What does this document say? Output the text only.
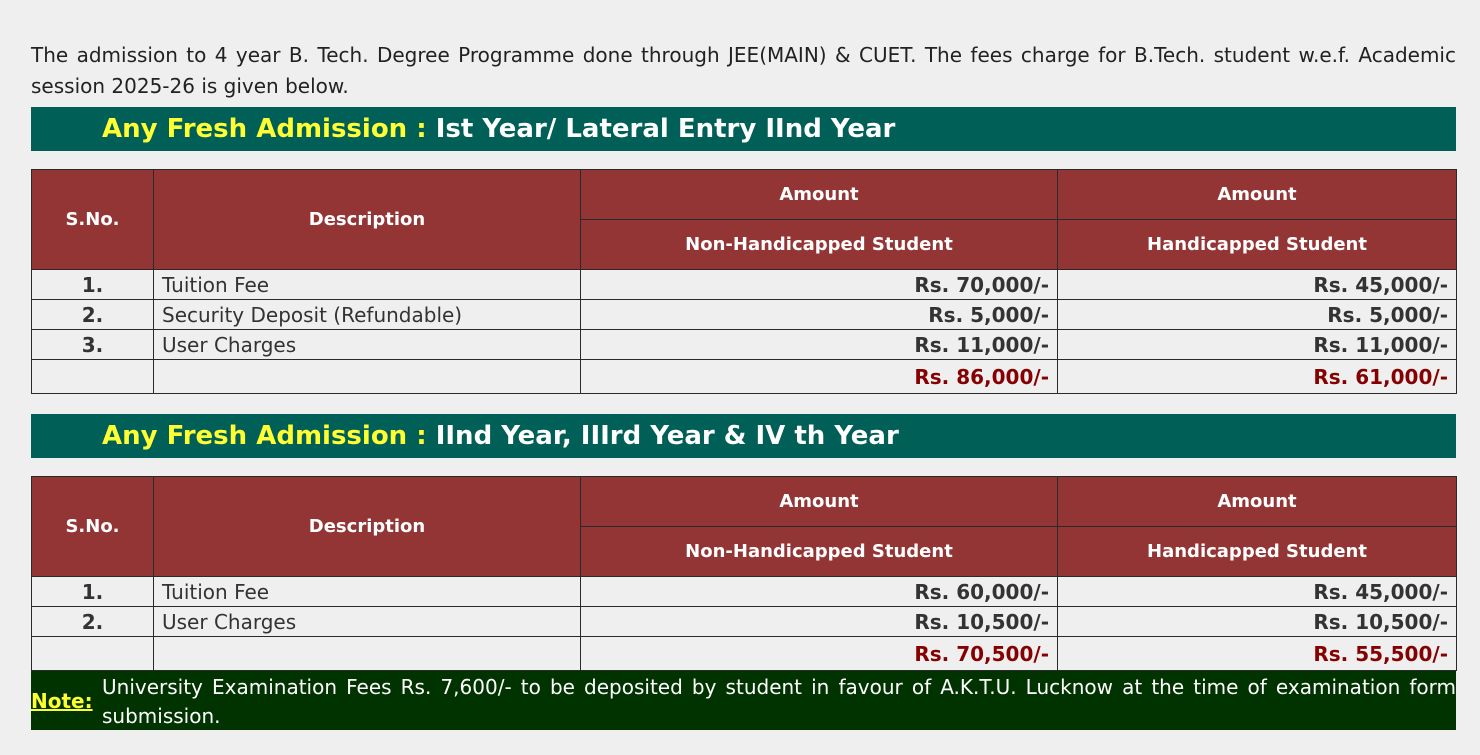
The admission to 4 year B. Tech. Degree Programme done through JEE(MAIN) & CUET. The fees charge for B.Tech. student w.e.f. Academic session 2025-26 is given below.

Any Fresh Admission : Ist Year/ Lateral Entry IInd Year
S.No.	Description	Amount	Amount
		Non-Handicapped Student	Handicapped Student
1.	Tuition Fee	Rs. 70,000/-	Rs. 45,000/-
2.	Security Deposit (Refundable)	Rs. 5,000/-	Rs. 5,000/-
3.	User Charges	Rs. 11,000/-	Rs. 11,000/-
		Rs. 86,000/-	Rs. 61,000/-
Any Fresh Admission : IInd Year, IIIrd Year & IV th Year
S.No.	Description	Amount	Amount
		Non-Handicapped Student	Handicapped Student
1.	Tuition Fee	Rs. 60,000/-	Rs. 45,000/-
2.	User Charges	Rs. 10,500/-	Rs. 10,500/-
		Rs. 70,500/-	Rs. 55,500/-
Note:
University Examination Fees Rs. 7,600/- to be deposited by student in favour of A.K.T.U. Lucknow at the time of examination form submission.
